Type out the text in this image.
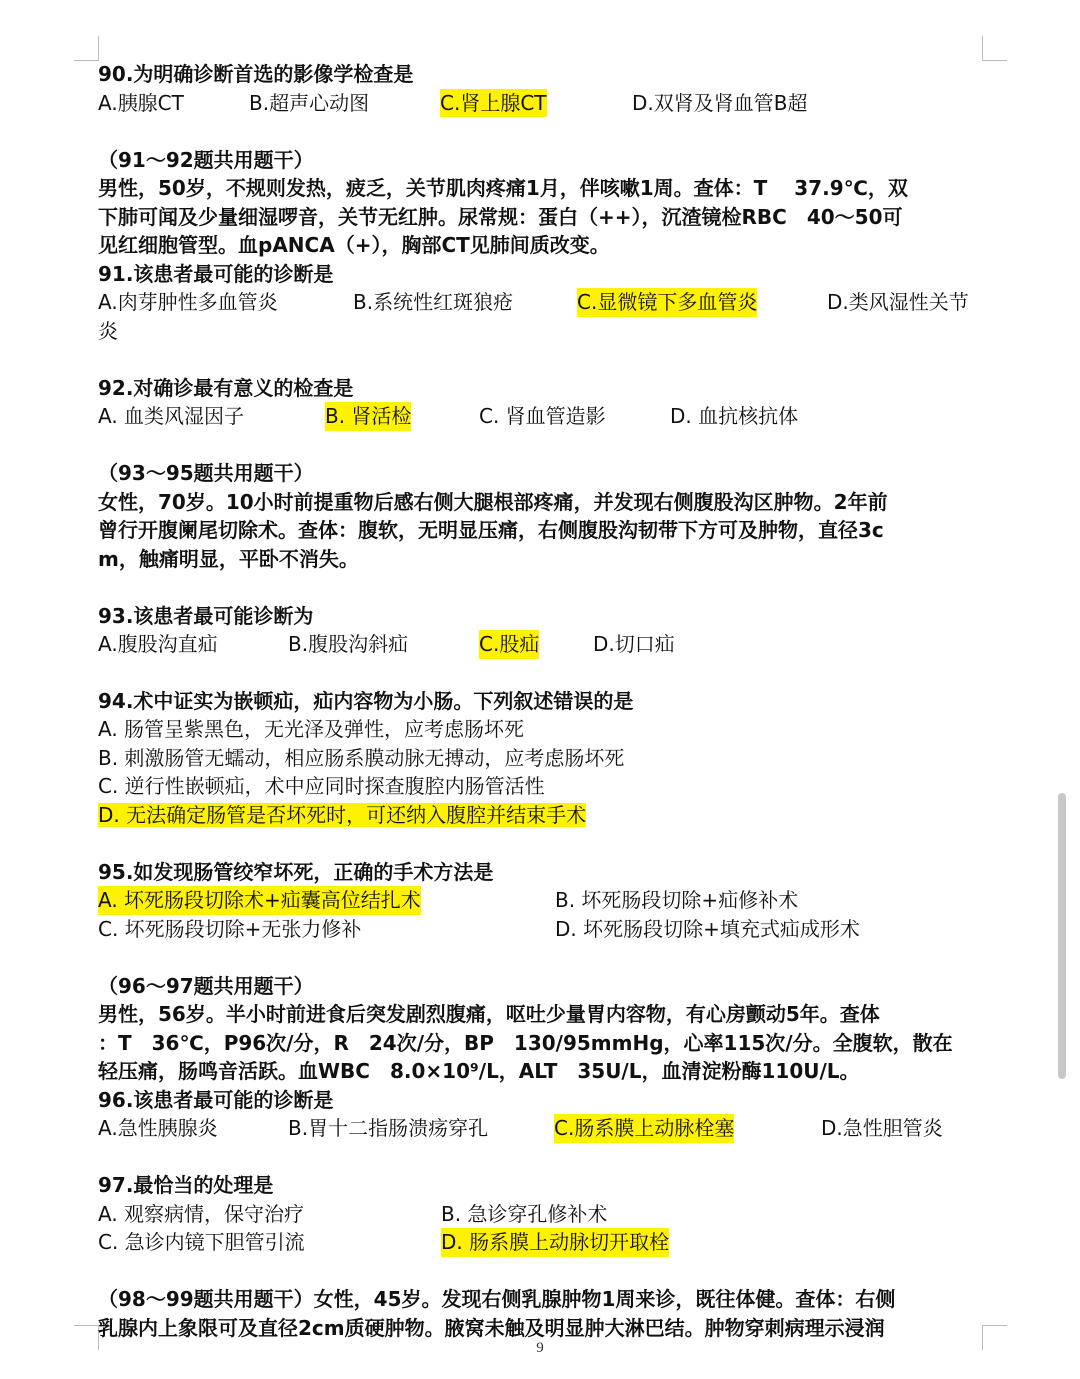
90.为明确诊断首选的影像学检查是
A.胰腺CT	B.超声心动图	C.肾上腺CT	D.双肾及肾血管B超
（91～92题共用题干）
男性，50岁，不规则发热，疲乏，关节肌肉疼痛1月，伴咳嗽1周。查体：T　 37.9℃，双
下肺可闻及少量细湿啰音，关节无红肿。尿常规：蛋白（++），沉渣镜检RBC　40～50可
见红细胞管型。血pANCA（+），胸部CT见肺间质改变。
91.该患者最可能的诊断是
A.肉芽肿性多血管炎	B.系统性红斑狼疮	C.显微镜下多血管炎	D.类风湿性关节
炎
92.对确诊最有意义的检查是
A. 血类风湿因子	B. 肾活检	C. 肾血管造影	D. 血抗核抗体
（93～95题共用题干）
女性，70岁。10小时前提重物后感右侧大腿根部疼痛，并发现右侧腹股沟区肿物。2年前
曾行开腹阑尾切除术。查体：腹软，无明显压痛，右侧腹股沟韧带下方可及肿物，直径3c
m，触痛明显，平卧不消失。
93.该患者最可能诊断为
A.腹股沟直疝	B.腹股沟斜疝	C.股疝	D.切口疝
94.术中证实为嵌顿疝，疝内容物为小肠。下列叙述错误的是
A. 肠管呈紫黑色，无光泽及弹性，应考虑肠坏死
B. 刺激肠管无蠕动，相应肠系膜动脉无搏动，应考虑肠坏死
C. 逆行性嵌顿疝，术中应同时探查腹腔内肠管活性
D. 无法确定肠管是否坏死时，可还纳入腹腔并结束手术
95.如发现肠管绞窄坏死，正确的手术方法是
A. 坏死肠段切除术+疝囊高位结扎术	B. 坏死肠段切除+疝修补术
C. 坏死肠段切除+无张力修补	D. 坏死肠段切除+填充式疝成形术
（96～97题共用题干）
男性，56岁。半小时前进食后突发剧烈腹痛，呕吐少量胃内容物，有心房颤动5年。查体
：T　36℃，P96次/分，R　24次/分，BP　130/95mmHg，心率115次/分。全腹软，散在
轻压痛，肠鸣音活跃。血WBC　8.0×10⁹/L，ALT　35U/L，血清淀粉酶110U/L。
96.该患者最可能的诊断是
A.急性胰腺炎	B.胃十二指肠溃疡穿孔	C.肠系膜上动脉栓塞	D.急性胆管炎
97.最恰当的处理是
A. 观察病情，保守治疗	B. 急诊穿孔修补术
C. 急诊内镜下胆管引流	D. 肠系膜上动脉切开取栓
（98～99题共用题干）女性，45岁。发现右侧乳腺肿物1周来诊，既往体健。查体：右侧
乳腺内上象限可及直径2cm质硬肿物。腋窝未触及明显肿大淋巴结。肿物穿刺病理示浸润
9
